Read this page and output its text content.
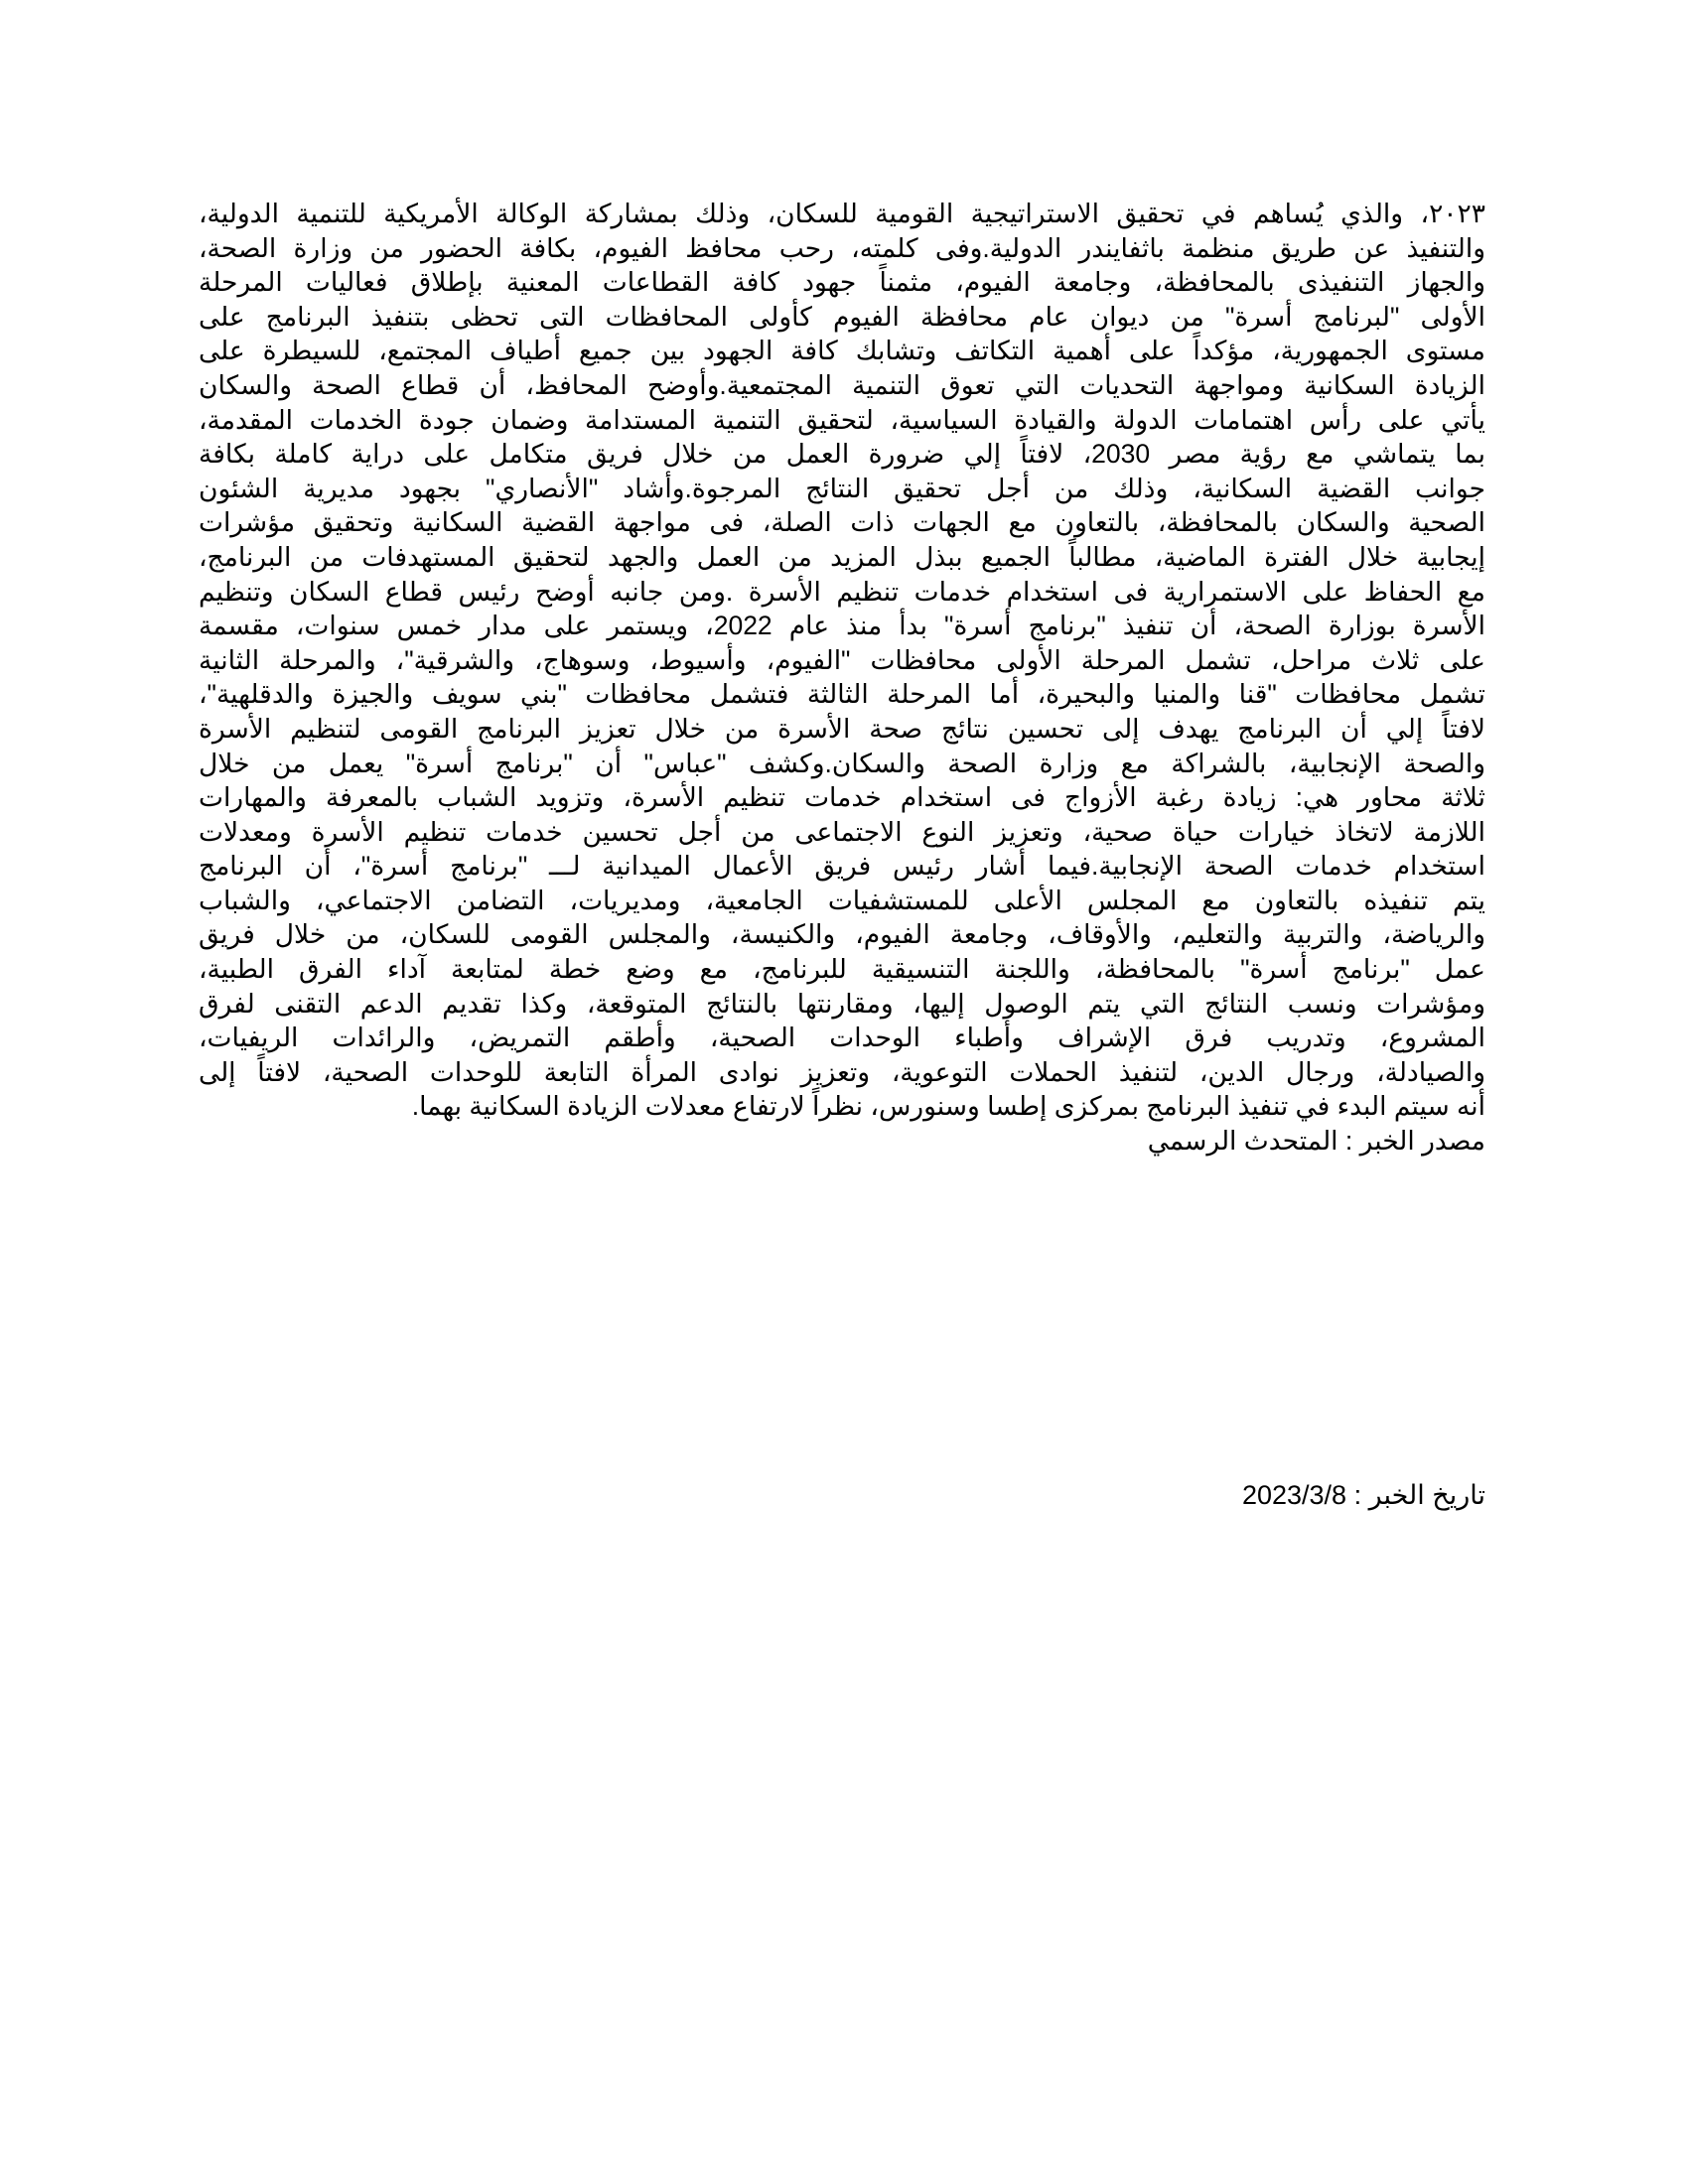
٢٠٢٣، والذي يُساهم في تحقيق الاستراتيجية القومية للسكان، وذلك بمشاركة الوكالة الأمريكية للتنمية الدولية،
والتنفيذ عن طريق منظمة باثفايندر الدولية.وفى كلمته، رحب محافظ الفيوم، بكافة الحضور من وزارة الصحة،
والجهاز التنفيذى بالمحافظة، وجامعة الفيوم، مثمناً جهود كافة القطاعات المعنية بإطلاق فعاليات المرحلة
الأولى "لبرنامج أسرة" من ديوان عام محافظة الفيوم كأولى المحافظات التى تحظى بتنفيذ البرنامج على
مستوى الجمهورية، مؤكداً على أهمية التكاتف وتشابك كافة الجهود بين جميع أطياف المجتمع، للسيطرة على
الزيادة السكانية ومواجهة التحديات التي تعوق التنمية المجتمعية.وأوضح المحافظ، أن قطاع الصحة والسكان
يأتي على رأس اهتمامات الدولة والقيادة السياسية، لتحقيق التنمية المستدامة وضمان جودة الخدمات المقدمة،
بما يتماشي مع رؤية مصر 2030، لافتاً إلي ضرورة العمل من خلال فريق متكامل على دراية كاملة بكافة
جوانب القضية السكانية، وذلك من أجل تحقيق النتائج المرجوة.وأشاد "الأنصاري" بجهود مديرية الشئون
الصحية والسكان بالمحافظة، بالتعاون مع الجهات ذات الصلة، فى مواجهة القضية السكانية وتحقيق مؤشرات
إيجابية خلال الفترة الماضية، مطالباً الجميع ببذل المزيد من العمل والجهد لتحقيق المستهدفات من البرنامج،
مع الحفاظ على الاستمرارية فى استخدام خدمات تنظيم الأسرة .ومن جانبه أوضح رئيس قطاع السكان وتنظيم
الأسرة بوزارة الصحة، أن تنفيذ "برنامج أسرة" بدأ منذ عام 2022، ويستمر على مدار خمس سنوات، مقسمة
على ثلاث مراحل، تشمل المرحلة الأولى محافظات "الفيوم، وأسيوط، وسوهاج، والشرقية"، والمرحلة الثانية
تشمل محافظات "قنا والمنيا والبحيرة، أما المرحلة الثالثة فتشمل محافظات "بني سويف والجيزة والدقلهية"،
لافتاً إلي أن البرنامج يهدف إلى تحسين نتائج صحة الأسرة من خلال تعزيز البرنامج القومى لتنظيم الأسرة
والصحة الإنجابية، بالشراكة مع وزارة الصحة والسكان.وكشف "عباس" أن "برنامج أسرة" يعمل من خلال
ثلاثة محاور هي: زيادة رغبة الأزواج فى استخدام خدمات تنظيم الأسرة، وتزويد الشباب بالمعرفة والمهارات
اللازمة لاتخاذ خيارات حياة صحية، وتعزيز النوع الاجتماعى من أجل تحسين خدمات تنظيم الأسرة ومعدلات
استخدام خدمات الصحة الإنجابية.فيما أشار رئيس فريق الأعمال الميدانية لـــ "برنامج أسرة"، أن البرنامج
يتم تنفيذه بالتعاون مع المجلس الأعلى للمستشفيات الجامعية، ومديريات، التضامن الاجتماعي، والشباب
والرياضة، والتربية والتعليم، والأوقاف، وجامعة الفيوم، والكنيسة، والمجلس القومى للسكان، من خلال فريق
عمل "برنامج أسرة" بالمحافظة، واللجنة التنسيقية للبرنامج، مع وضع خطة لمتابعة آداء الفرق الطبية،
ومؤشرات ونسب النتائج التي يتم الوصول إليها، ومقارنتها بالنتائج المتوقعة، وكذا تقديم الدعم التقنى لفرق
المشروع، وتدريب فرق الإشراف وأطباء الوحدات الصحية، وأطقم التمريض، والرائدات الريفيات،
والصيادلة، ورجال الدين، لتنفيذ الحملات التوعوية، وتعزيز نوادى المرأة التابعة للوحدات الصحية، لافتاً إلى
أنه سيتم البدء في تنفيذ البرنامج بمركزى إطسا وسنورس، نظراً لارتفاع معدلات الزيادة السكانية بهما.
مصدر الخبر : المتحدث الرسمي
تاريخ الخبر : 2023/3/8
